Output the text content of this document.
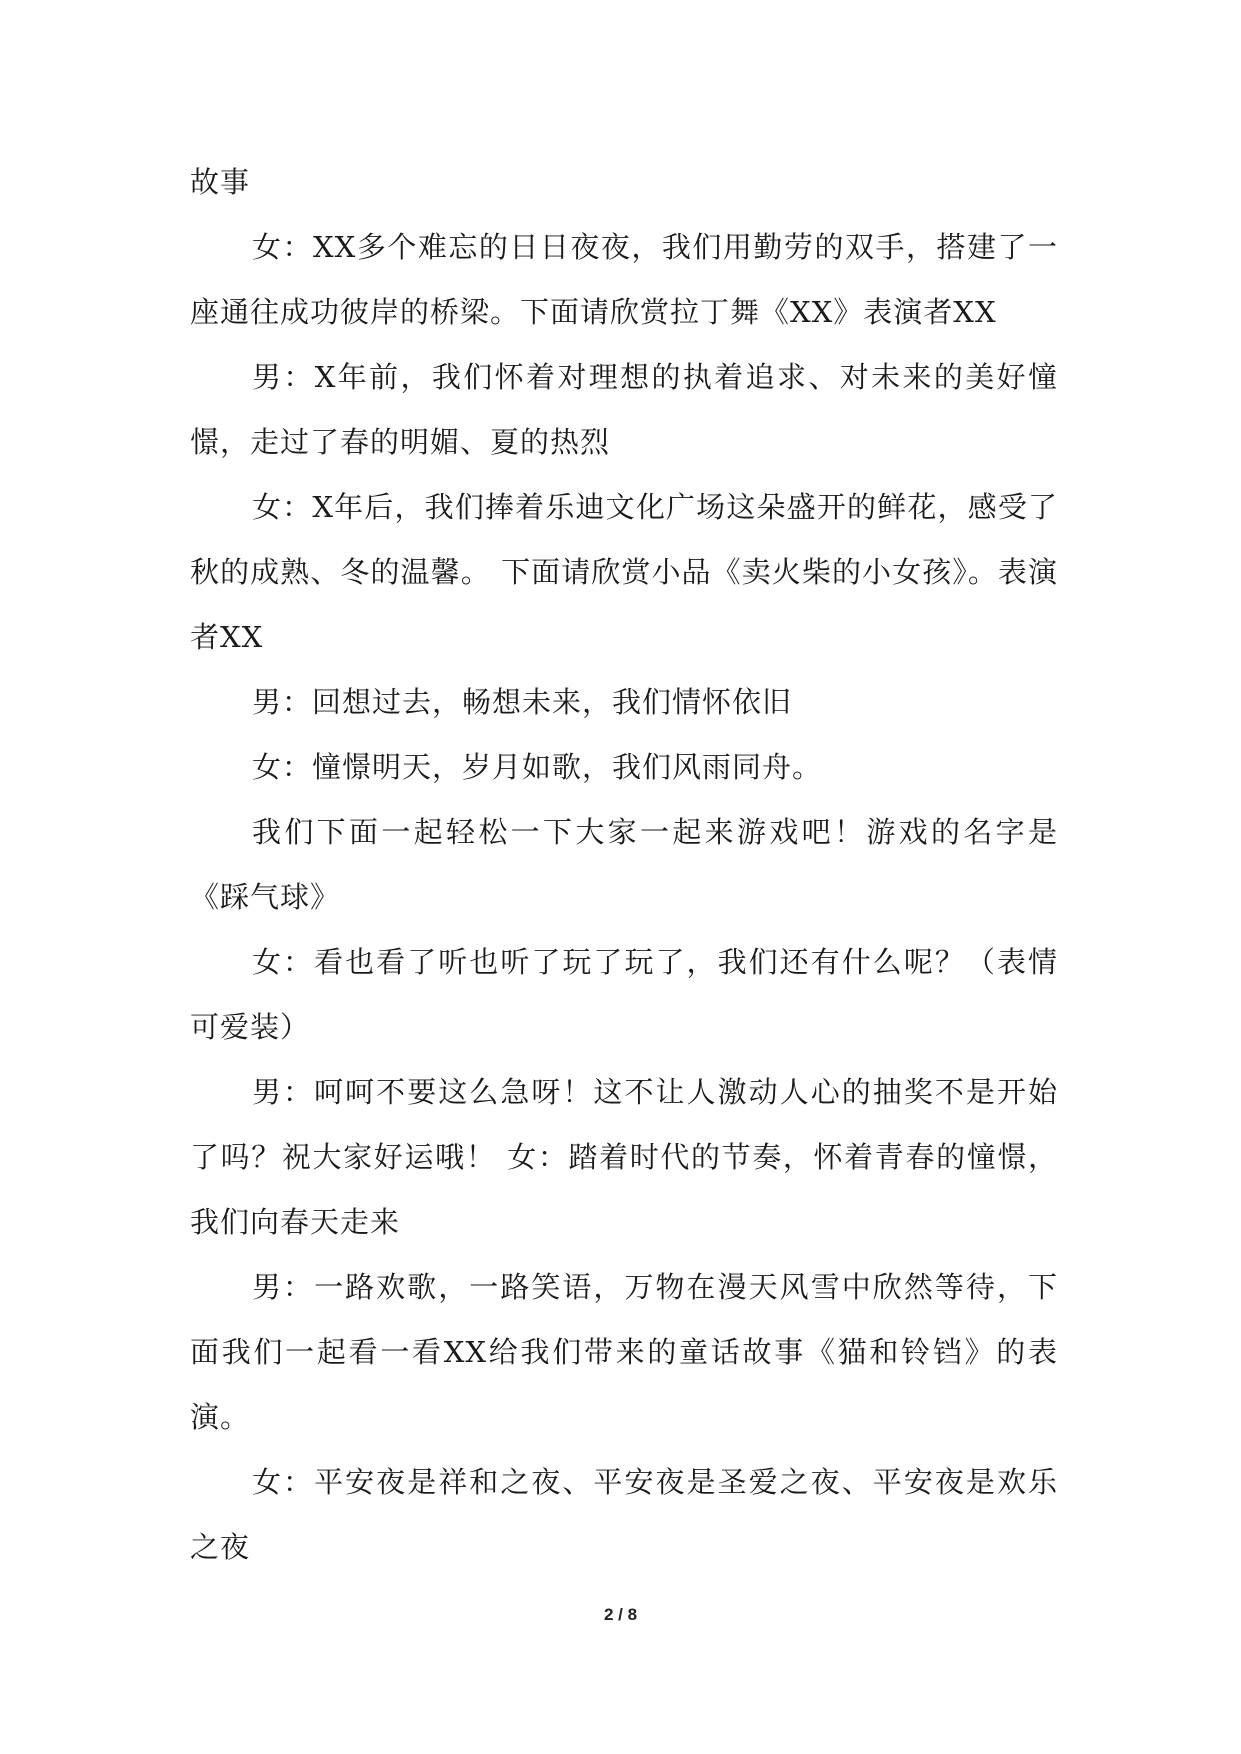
故事

女：XX多个难忘的日日夜夜，我们用勤劳的双手，搭建了一座通往成功彼岸的桥梁。下面请欣赏拉丁舞《XX》表演者XX

男：X年前，我们怀着对理想的执着追求、对未来的美好憧憬，走过了春的明媚、夏的热烈

女：X年后，我们捧着乐迪文化广场这朵盛开的鲜花，感受了秋的成熟、冬的温馨。 下面请欣赏小品《卖火柴的小女孩》。表演者XX

男：回想过去，畅想未来，我们情怀依旧

女：憧憬明天，岁月如歌，我们风雨同舟。

我们下面一起轻松一下大家一起来游戏吧！游戏的名字是《踩气球》

女：看也看了听也听了玩了玩了，我们还有什么呢？（表情可爱装）

男：呵呵不要这么急呀！这不让人激动人心的抽奖不是开始了吗？祝大家好运哦！ 女：踏着时代的节奏，怀着青春的憧憬，我们向春天走来

男：一路欢歌，一路笑语，万物在漫天风雪中欣然等待，下面我们一起看一看XX给我们带来的童话故事《猫和铃铛》的表演。

女：平安夜是祥和之夜、平安夜是圣爱之夜、平安夜是欢乐之夜

2 / 8
